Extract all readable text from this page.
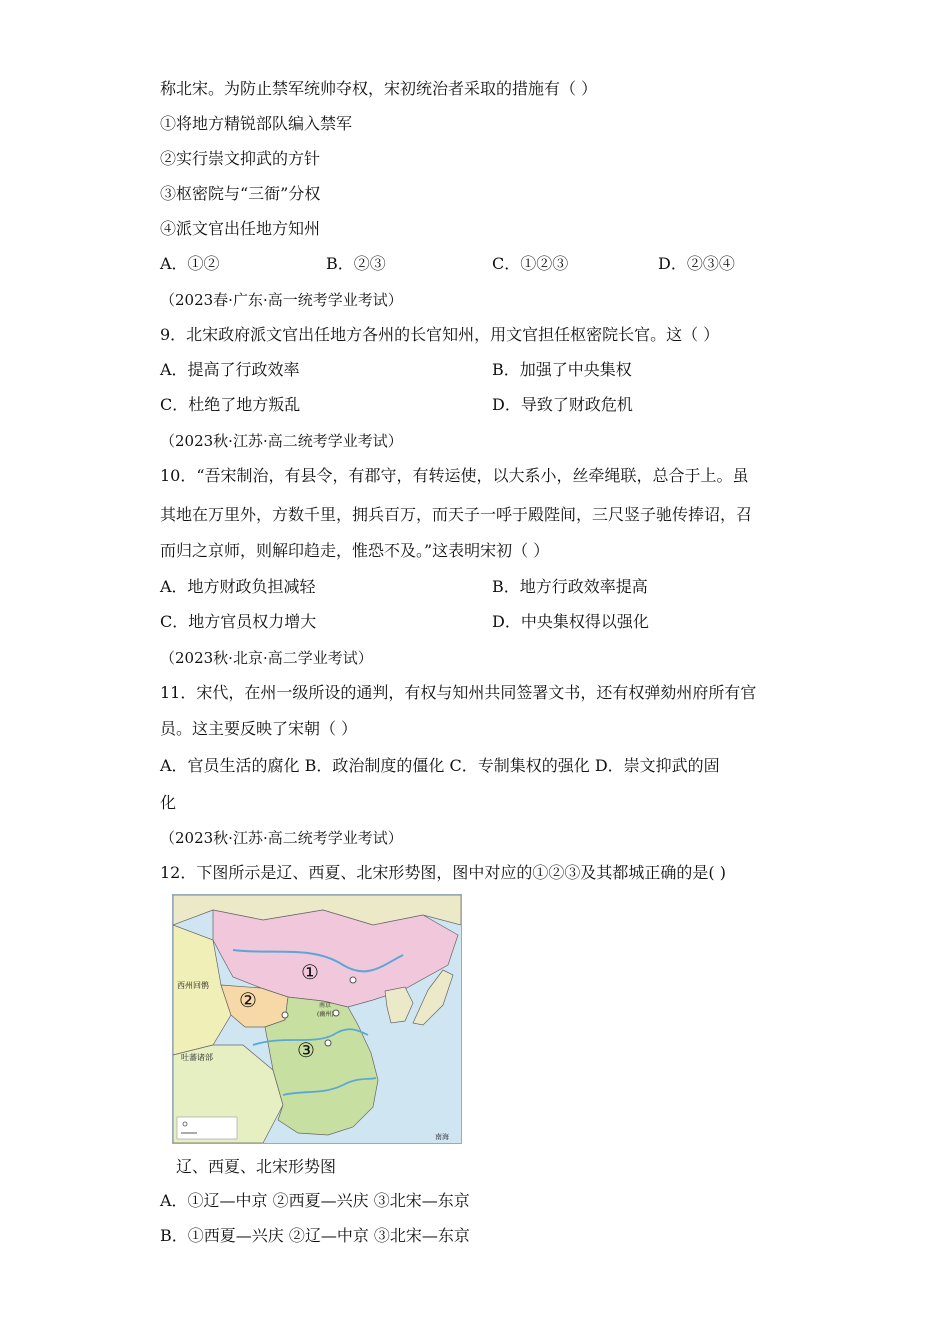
称北宋。为防止禁军统帅夺权，宋初统治者采取的措施有（ ）
①将地方精锐部队编入禁军
②实行崇文抑武的方针
③枢密院与“三衙”分权
④派文官出任地方知州
A．①②	B．②③	C．①②③	D．②③④
（2023春·广东·高一统考学业考试）
9．北宋政府派文官出任地方各州的长官知州，用文官担任枢密院长官。这（ ）
A．提高了行政效率	B．加强了中央集权
C．杜绝了地方叛乱	D．导致了财政危机
（2023秋·江苏·高二统考学业考试）
10．“吾宋制治，有县令，有郡守，有转运使，以大系小，丝牵绳联，总合于上。虽
其地在万里外，方数千里，拥兵百万，而天子一呼于殿陛间，三尺竖子驰传捧诏，召
而归之京师，则解印趋走，惟恐不及。”这表明宋初（ ）
A．地方财政负担减轻	B．地方行政效率提高
C．地方官员权力增大	D．中央集权得以强化
（2023秋·北京·高二学业考试）
11．宋代，在州一级所设的通判，有权与知州共同签署文书，还有权弹劾州府所有官
员。这主要反映了宋朝（ ）
A．官员生活的腐化 B．政治制度的僵化 C．专制集权的强化 D．崇文抑武的固
化
（2023秋·江苏·高二统考学业考试）
12．下图所示是辽、西夏、北宋形势图，图中对应的①②③及其都城正确的是( )
①
②
③
西州回鹘
吐蕃诸部
南京
(幽州)
南海
辽、西夏、北宋形势图
A．①辽—中京 ②西夏—兴庆 ③北宋—东京
B．①西夏—兴庆 ②辽—中京 ③北宋—东京
